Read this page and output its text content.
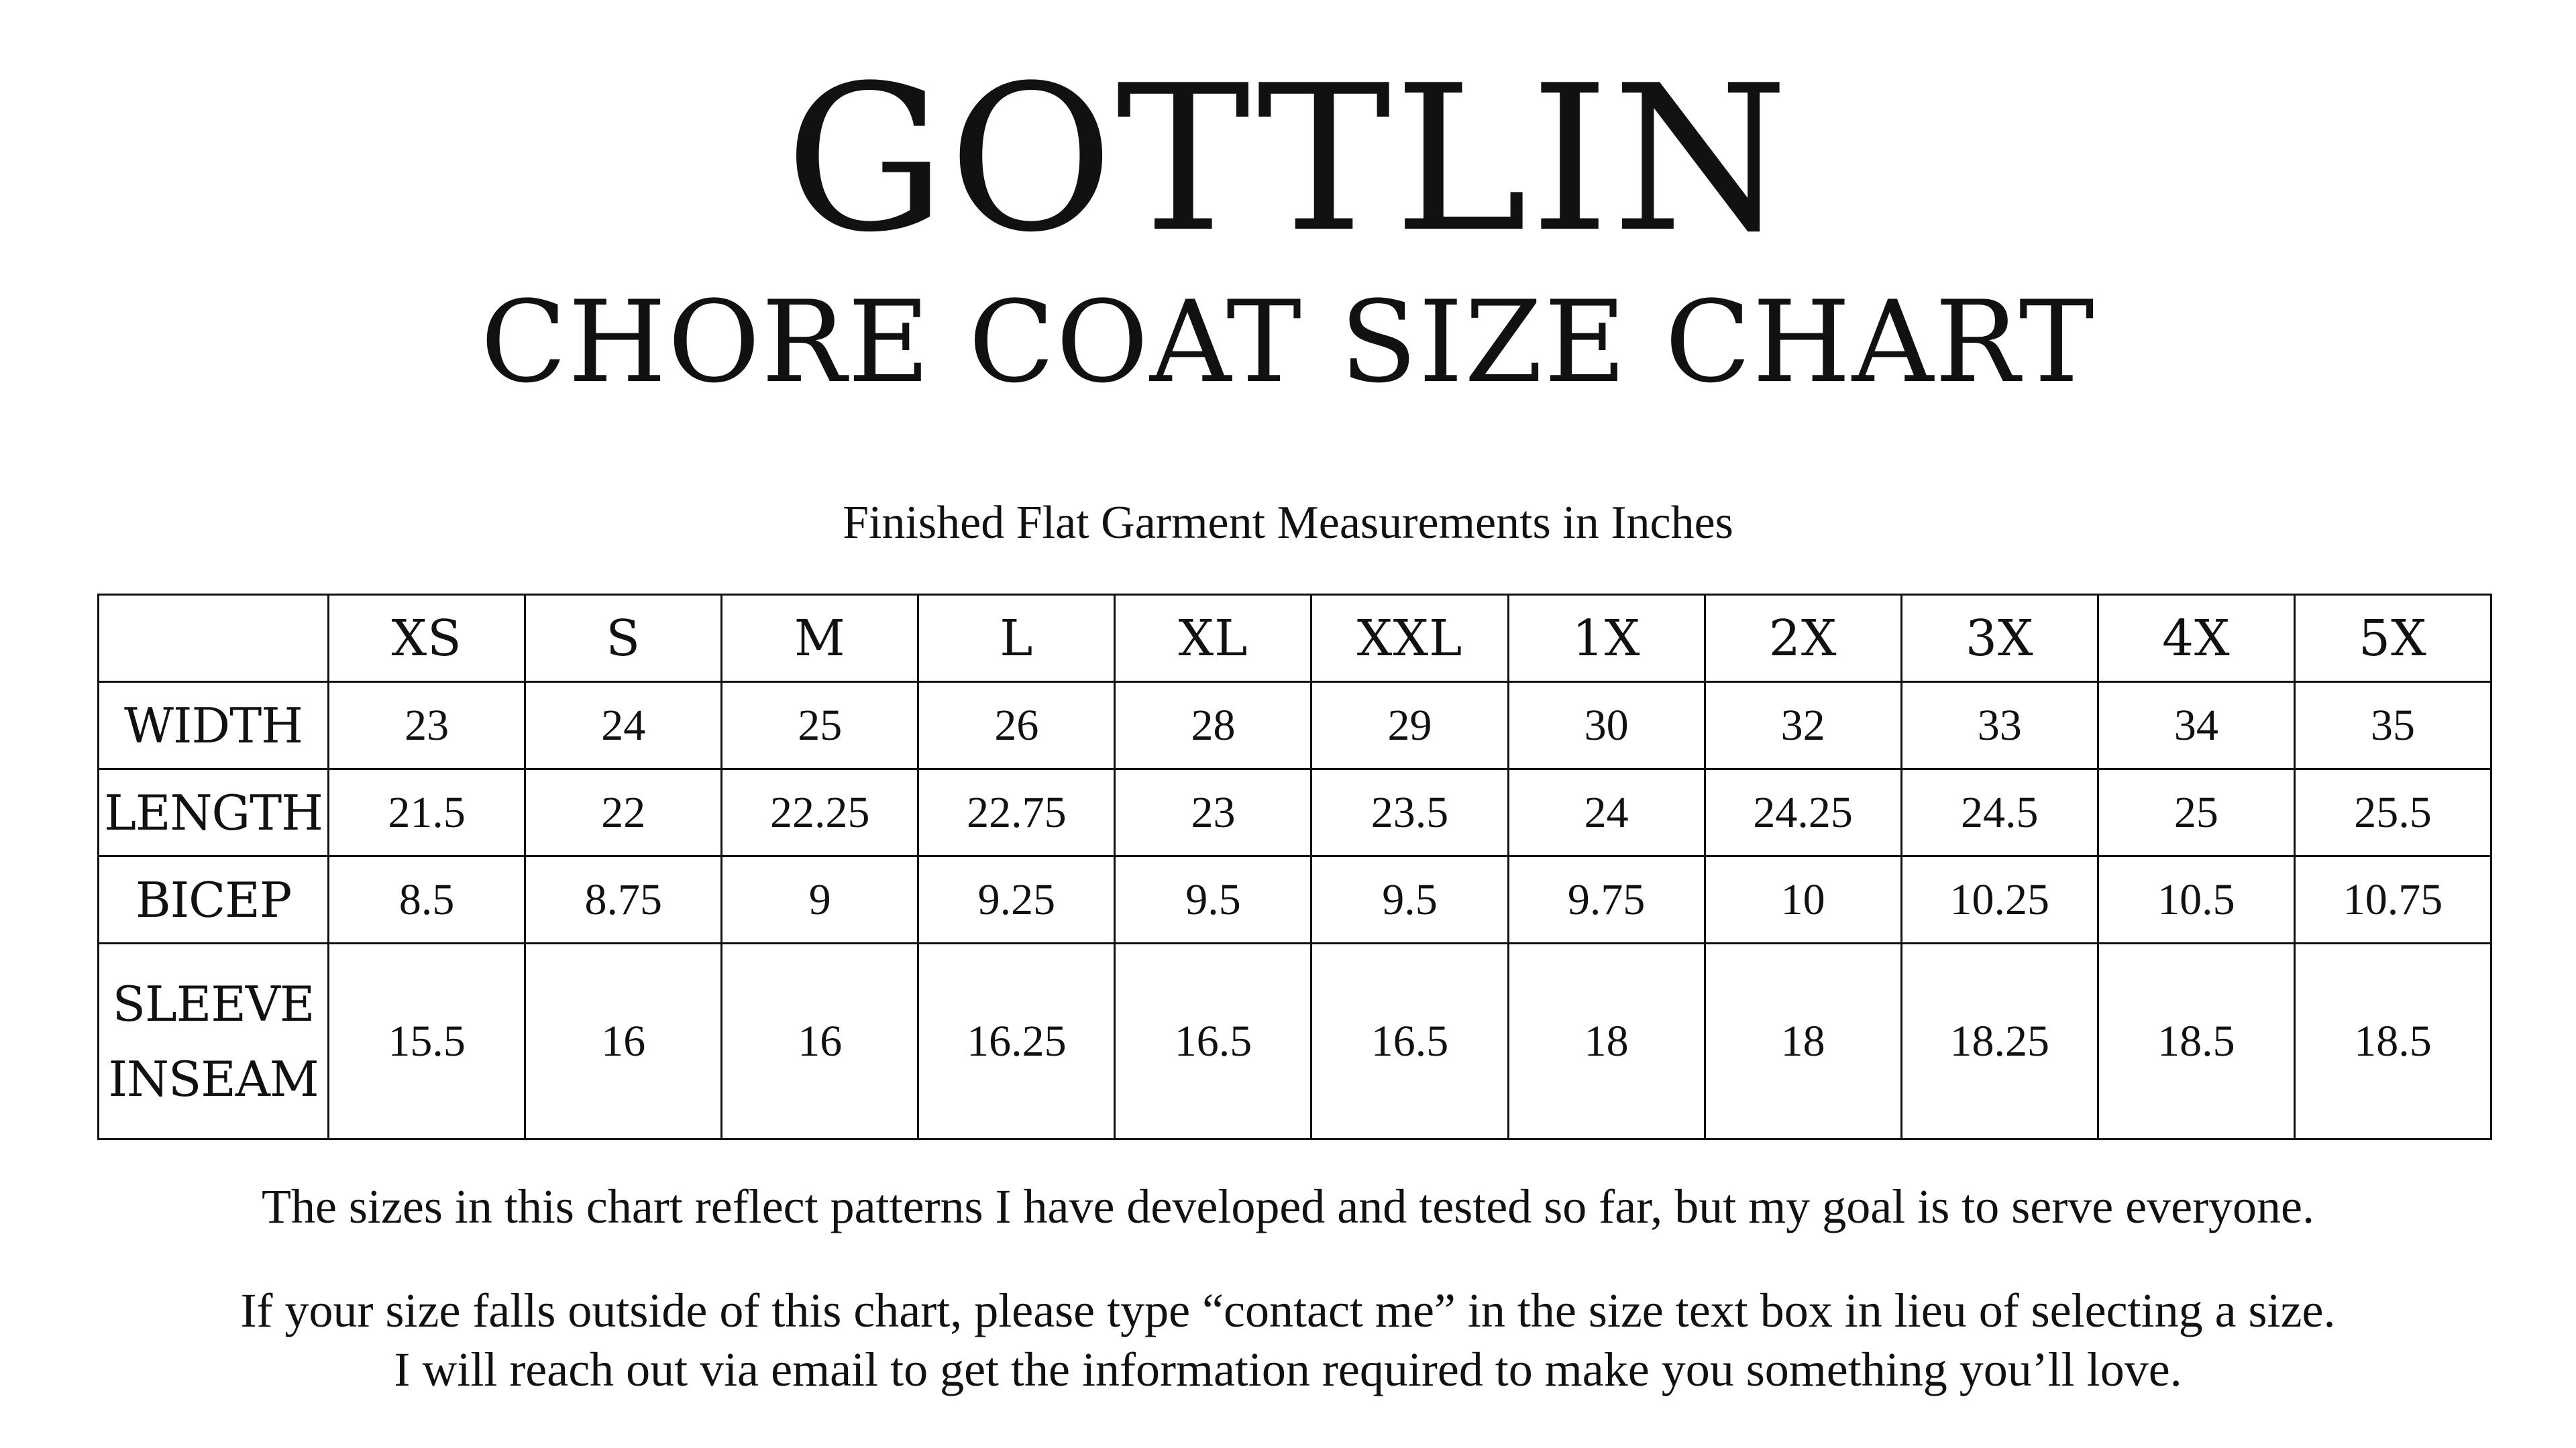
GOTTLIN
CHORE COAT SIZE CHART

Finished Flat Garment Measurements in Inches

	XS	S	M	L	XL	XXL	1X	2X	3X	4X	5X
WIDTH	23	24	25	26	28	29	30	32	33	34	35
LENGTH	21.5	22	22.25	22.75	23	23.5	24	24.25	24.5	25	25.5
BICEP	8.5	8.75	9	9.25	9.5	9.5	9.75	10	10.25	10.5	10.75

SLEEVE
INSEAM	15.5	16	16	16.25	16.5	16.5	18	18	18.25	18.5	18.5

The sizes in this chart reflect patterns I have developed and tested so far, but my goal is to serve everyone.

If your size falls outside of this chart, please type “contact me” in the size text box in lieu of selecting a size.

I will reach out via email to get the information required to make you something you’ll love.
